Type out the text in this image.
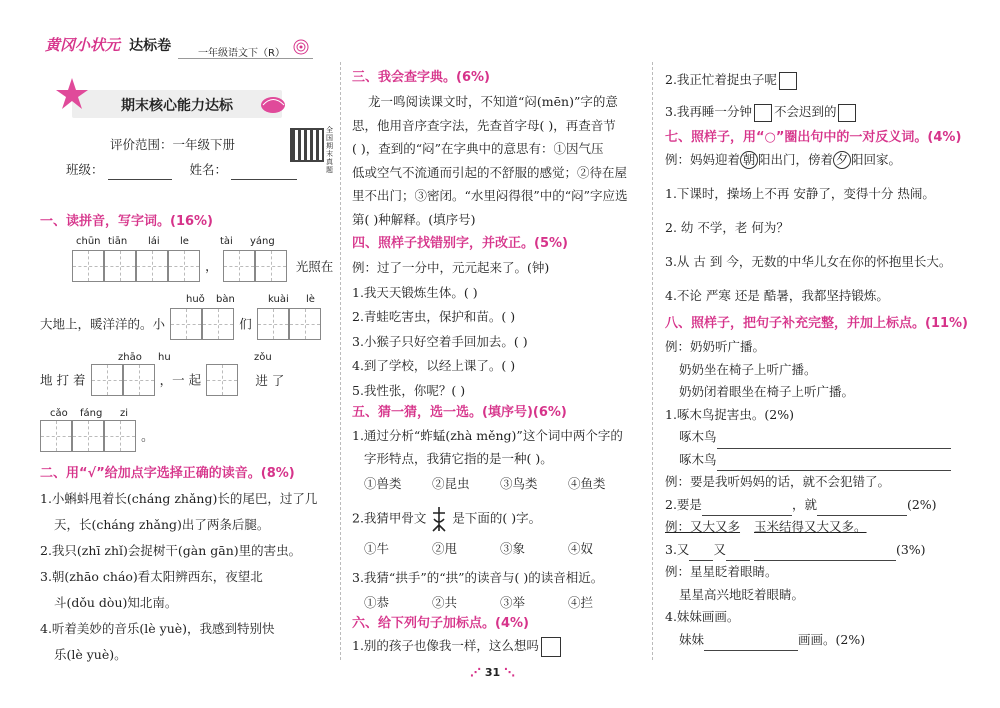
黄冈小状元 达标卷	一年级语文下（R）
期末核心能力达标
全国期末真题
评价范围：一年级下册
班级：	姓名：
一、读拼音，写字词。(16%)
chūn tiān lái le	tài yáng
，	光照在
huǒ bàn	kuài lè
大地上，暖洋洋的。小	们
zhāo hu	zǒu
地 打 着	，一 起	进 了
cǎo fáng zi
。
二、用“√”给加点字选择正确的读音。(8%)
1.小蝌蚪甩着长(cháng zhǎng)长的尾巴，过了几
天，长(cháng zhǎng)出了两条后腿。
2.我只(zhī zhǐ)会捉树干(gàn gān)里的害虫。
3.朝(zhāo cháo)看太阳辨西东，夜望北
斗(dǒu dòu)知北南。
4.听着美妙的音乐(lè yuè)，我感到特别快
乐(lè yuè)。
三、我会查字典。(6%)
龙一鸣阅读课文时，不知道“闷(mēn)”字的意
思，他用音序查字法，先查首字母( )，再查音节
( )，查到的“闷”在字典中的意思有：①因气压
低或空气不流通而引起的不舒服的感觉；②待在屋
里不出门；③密闭。“水里闷得很”中的“闷”字应选
第( )种解释。(填序号)
四、照样子找错别字，并改正。(5%)
例：过了一分中，元元起来了。(钟)
1.我天天锻炼生体。( )
2.青蛙吃害虫，保护和苗。( )
3.小猴子只好空着手回加去。( )
4.到了学校，以经上课了。( )
5.我性张，你呢？( )
五、猜一猜，选一选。(填序号)(6%)
1.通过分析“蚱蜢(zhà měng)”这个词中两个字的
字形特点，我猜它指的是一种( )。
①兽类	②昆虫	③鸟类	④鱼类
2.我猜甲骨文 是下面的( )字。
①牛	②甩	③象	④奴
3.我猜“拱手”的“拱”的读音与( )的读音相近。
①恭	②共	③举	④拦
六、给下列句子加标点。(4%)
1.别的孩子也像我一样，这么想吗
⋰ 31 ⋱
2.我正忙着捉虫子呢
3.我再睡一分钟 不会迟到的
七、照样子，用“○”圈出句中的一对反义词。(4%)
例：妈妈迎着 朝 阳出门，傍着 夕 阳回家。
1.下课时，操场上不再 安静了，变得十分 热闹。
2. 幼 不学，老 何为？
3.从 古 到 今，无数的中华儿女在你的怀抱里长大。
4.不论 严寒 还是 酷暑，我都坚持锻炼。
八、照样子，把句子补充完整，并加上标点。(11%)
例：奶奶听广播。
奶奶坐在椅子上听广播。
奶奶闭着眼坐在椅子上听广播。
1.啄木鸟捉害虫。(2%)
啄木鸟
啄木鸟
例：要是我听妈妈的话，就不会犯错了。
2.要是	，就	(2%)
例：又大又多 玉米结得又大又多。
3.又 又	(3%)
例：星星眨着眼睛。
星星高兴地眨着眼睛。
4.妹妹画画。
妹妹	画画。(2%)
